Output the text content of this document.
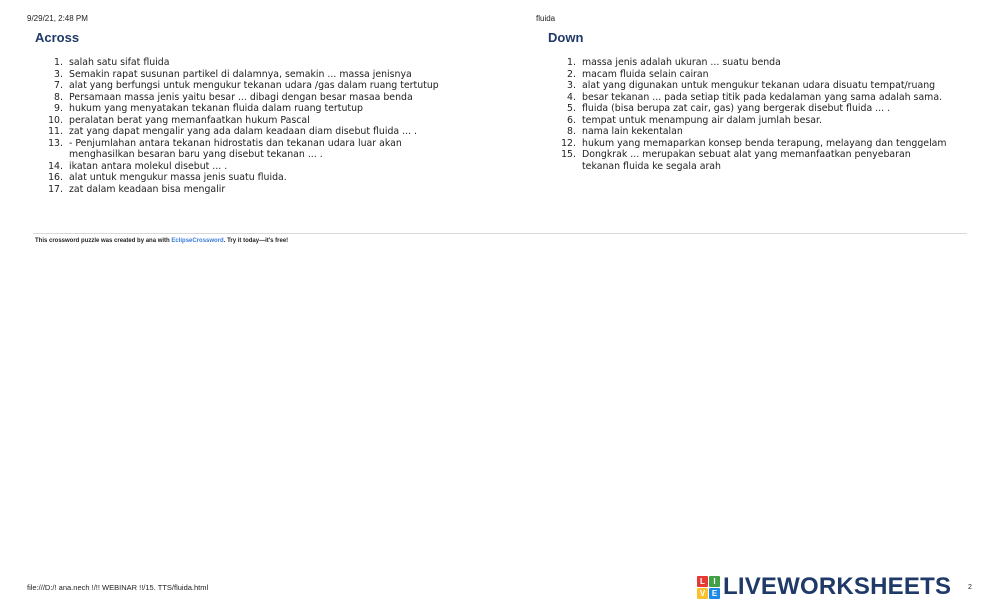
9/29/21, 2:48 PM	fluida
Across
1. salah satu sifat fluida
3. Semakin rapat susunan partikel di dalamnya, semakin ... massa jenisnya
7. alat yang berfungsi untuk mengukur tekanan udara /gas dalam ruang tertutup
8. Persamaan massa jenis yaitu besar ... dibagi dengan besar masaa benda
9. hukum yang menyatakan tekanan fluida dalam ruang tertutup
10. peralatan berat yang memanfaatkan hukum Pascal
11. zat yang dapat mengalir yang ada dalam keadaan diam disebut fluida ... .
13. - Penjumlahan antara tekanan hidrostatis dan tekanan udara luar akan menghasilkan besaran baru yang disebut tekanan ... .
14. ikatan antara molekul disebut ... .
16. alat untuk mengukur massa jenis suatu fluida.
17. zat dalam keadaan bisa mengalir
Down
1. massa jenis adalah ukuran ... suatu benda
2. macam fluida selain cairan
3. alat yang digunakan untuk mengukur tekanan udara disuatu tempat/ruang
4. besar tekanan ... pada setiap titik pada kedalaman yang sama adalah sama.
5. fluida (bisa berupa zat cair, gas) yang bergerak disebut fluida ... .
6. tempat untuk menampung air dalam jumlah besar.
8. nama lain kekentalan
12. hukum yang memaparkan konsep benda terapung, melayang dan tenggelam
15. Dongkrak ... merupakan sebuat alat yang memanfaatkan penyebaran tekanan fluida ke segala arah
This crossword puzzle was created by ana with EclipseCrossword. Try it today—it's free!
file:///D:/! ana.nech !/!! WEBINAR !!/15. TTS/fluida.html
L	I
V E LIVEWORKSHEETS 2
